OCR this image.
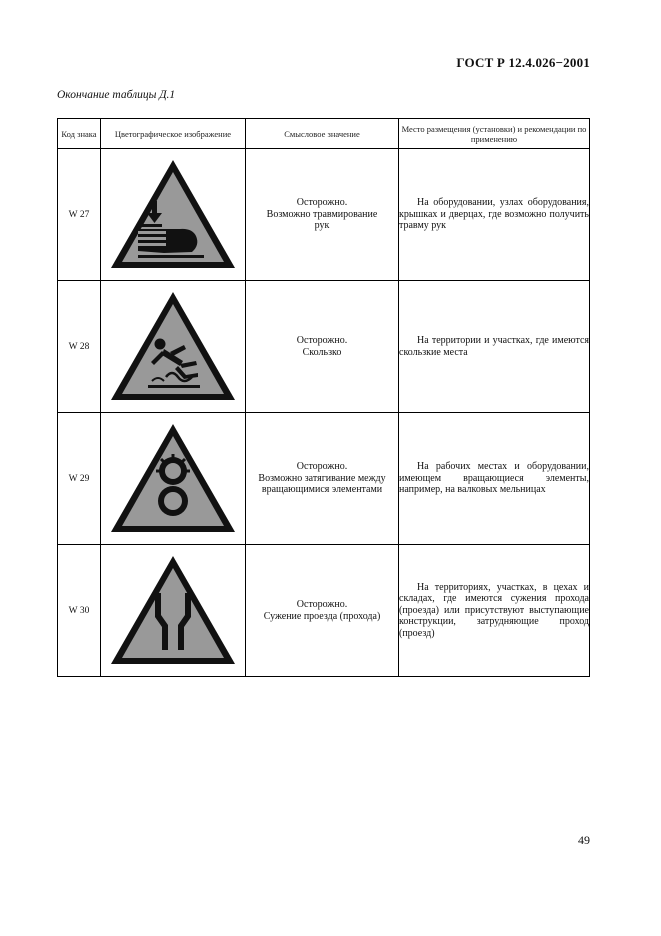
ГОСТ Р 12.4.026−2001
Окончание таблицы Д.1
Код знака	Цветографическое изображение	Смысловое значение	Место размещения (установки) и рекомендации по применению
W 27		Осторожно.
Возможно травмирование
рук	На оборудовании, узлах оборудования, крышках и дверцах, где возможно получить травму рук

W 28		Осторожно.
Скользко	На территории и участках, где имеются скользкие места

W 29		Осторожно.
Возможно затягивание между
вращающимися элементами	На рабочих местах и оборудовании, имеющем вращающиеся элементы, например, на валковых мельницах

W 30		Осторожно.
Сужение проезда (прохода)	На территориях, участках, в цехах и складах, где имеются сужения прохода (проезда) или присутствуют выступающие конструкции, затрудняющие проход (проезд)
49
